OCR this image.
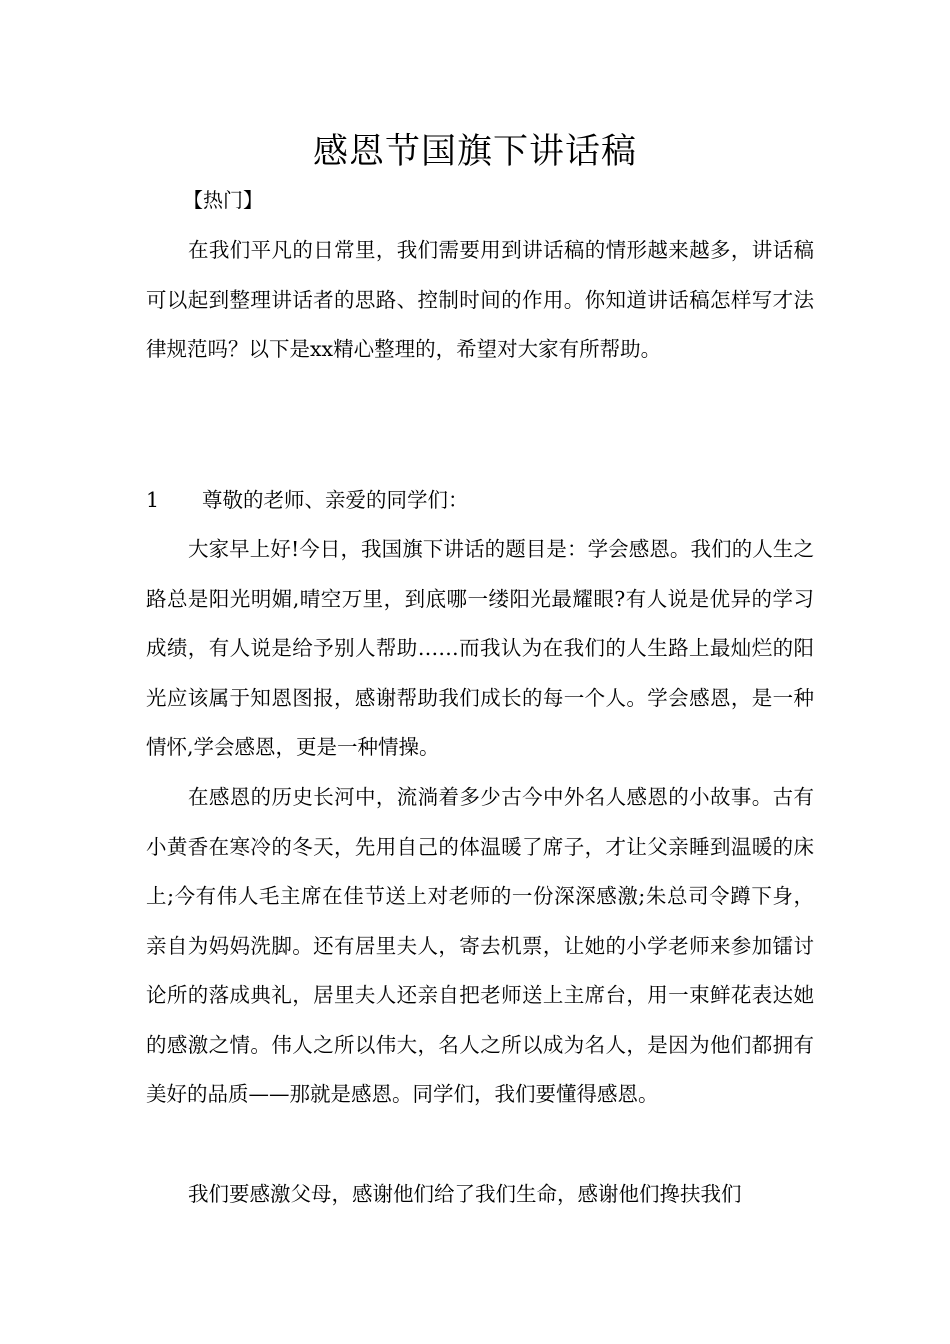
感恩节国旗下讲话稿

【热门】

在我们平凡的日常里，我们需要用到讲话稿的情形越来越多，讲话稿可以起到整理讲话者的思路、控制时间的作用。你知道讲话稿怎样写才法律规范吗？以下是xx精心整理的，希望对大家有所帮助。

1 尊敬的老师、亲爱的同学们：

大家早上好!今日，我国旗下讲话的题目是：学会感恩。我们的人生之路总是阳光明媚,晴空万里，到底哪一缕阳光最耀眼?有人说是优异的学习成绩，有人说是给予别人帮助……而我认为在我们的人生路上最灿烂的阳光应该属于知恩图报，感谢帮助我们成长的每一个人。学会感恩，是一种情怀,学会感恩，更是一种情操。

在感恩的历史长河中，流淌着多少古今中外名人感恩的小故事。古有小黄香在寒冷的冬天，先用自己的体温暖了席子，才让父亲睡到温暖的床上;今有伟人毛主席在佳节送上对老师的一份深深感激;朱总司令蹲下身，亲自为妈妈洗脚。还有居里夫人，寄去机票，让她的小学老师来参加镭讨论所的落成典礼，居里夫人还亲自把老师送上主席台，用一束鲜花表达她的感激之情。伟人之所以伟大，名人之所以成为名人，是因为他们都拥有美好的品质——那就是感恩。同学们，我们要懂得感恩。

我们要感激父母，感谢他们给了我们生命，感谢他们搀扶我们
